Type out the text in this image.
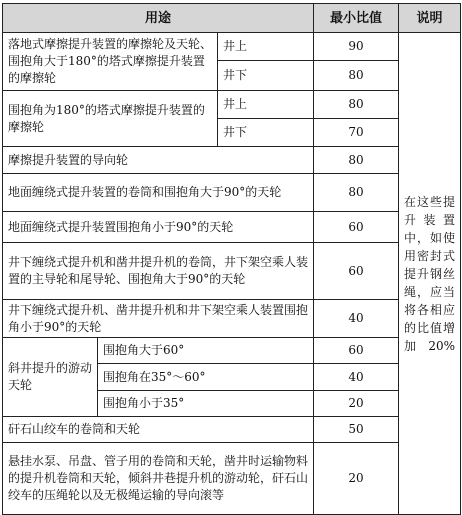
用途			最小比值	说明
落地式摩擦提升装置的摩擦轮及天轮、围抱角大于180°的塔式摩擦提升装置的摩擦轮		井上	90	在这些提升装置中，如使用密封式提升钢丝绳，应当将各相应的比值增加20%
		井下	80	
围抱角为180°的塔式摩擦提升装置的摩擦轮		井上	80	
		井下	70	
摩擦提升装置的导向轮			80	
地面缠绕式提升装置的卷筒和围抱角大于90°的天轮			80	
地面缠绕式提升装置围抱角小于90°的天轮			60	
井下缠绕式提升机和凿井提升机的卷筒，井下架空乘人装置的主导轮和尾导轮、围抱角大于90°的天轮			60	
井下缠绕式提升机、凿井提升机和井下架空乘人装置围抱角小于90°的天轮			40	
斜井提升的游动天轮	围抱角大于60°		60	
	围抱角在35°～60°		40	
	围抱角小于35°		20	
矸石山绞车的卷筒和天轮			50	
悬挂水泵、吊盘、管子用的卷筒和天轮，凿井时运输物料的提升机卷筒和天轮，倾斜井巷提升机的游动轮，矸石山绞车的压绳轮以及无极绳运输的导向滚等			20	
